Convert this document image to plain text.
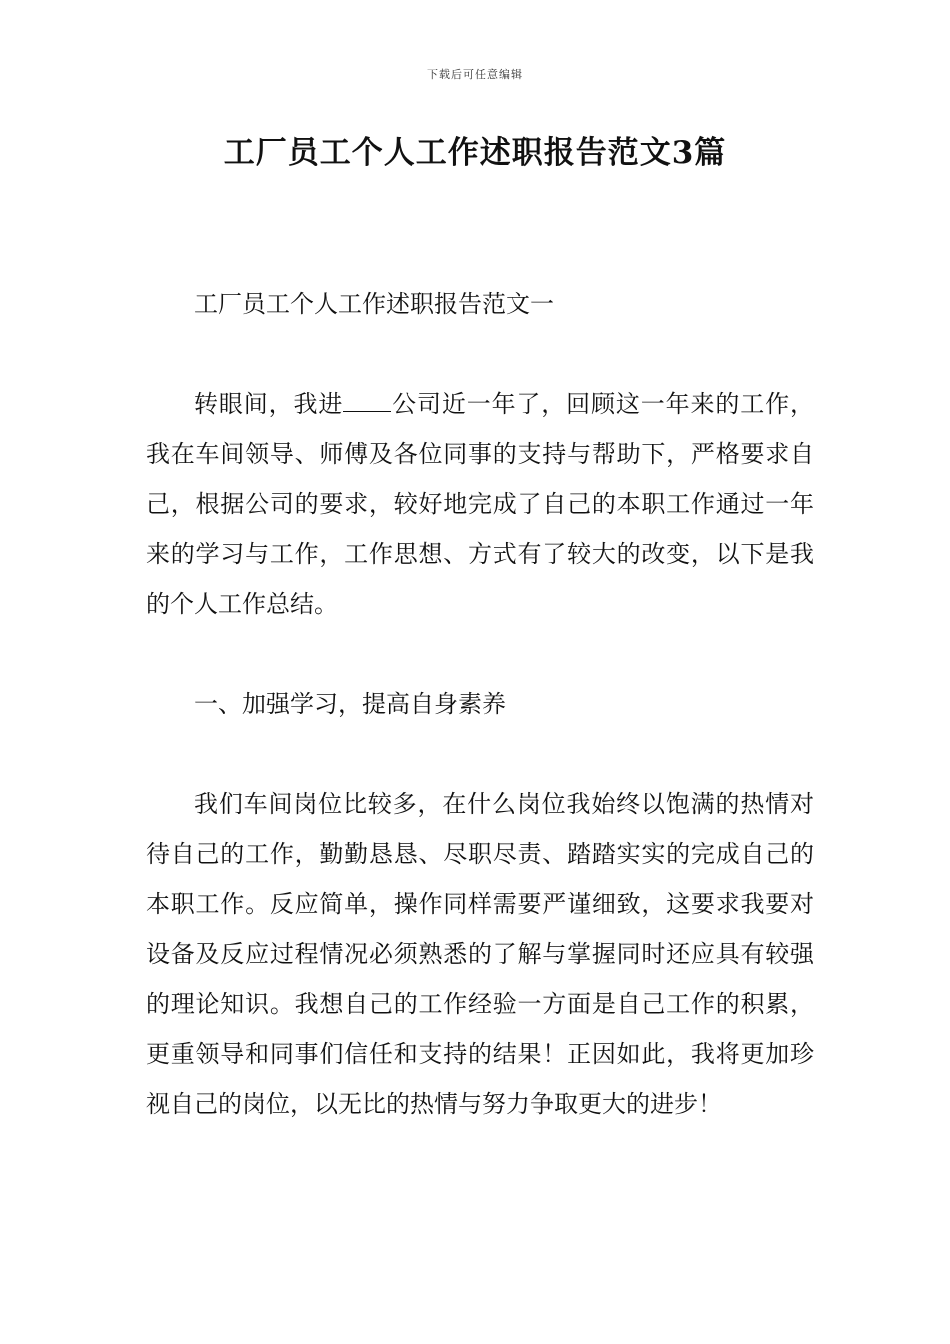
下载后可任意编辑
工厂员工个人工作述职报告范文3篇

工厂员工个人工作述职报告范文一

转眼间，我进 公司近一年了，回顾这一年来的工作，我在车间领导、师傅及各位同事的支持与帮助下，严格要求自己，根据公司的要求，较好地完成了自己的本职工作通过一年来的学习与工作，工作思想、方式有了较大的改变，以下是我的个人工作总结。

一、加强学习，提高自身素养

我们车间岗位比较多，在什么岗位我始终以饱满的热情对待自己的工作，勤勤恳恳、尽职尽责、踏踏实实的完成自己的本职工作。反应简单，操作同样需要严谨细致，这要求我要对设备及反应过程情况必须熟悉的了解与掌握同时还应具有较强的理论知识。我想自己的工作经验一方面是自己工作的积累，更重领导和同事们信任和支持的结果！正因如此，我将更加珍视自己的岗位，以无比的热情与努力争取更大的进步！
